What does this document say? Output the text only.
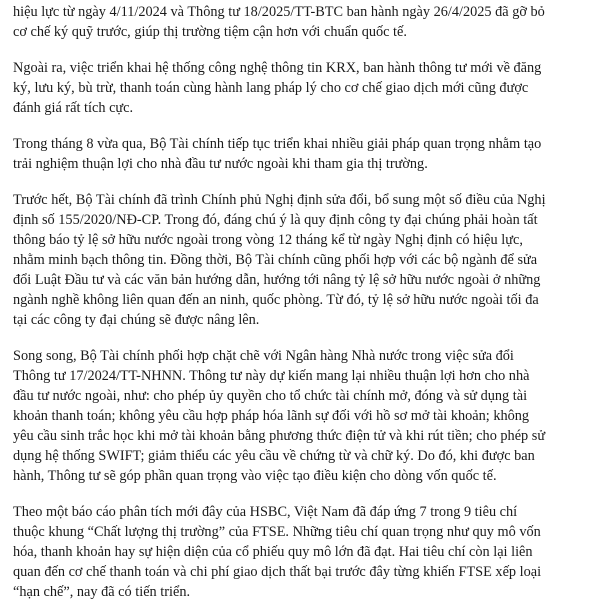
hiệu lực từ ngày 4/11/2024 và Thông tư 18/2025/TT-BTC ban hành ngày 26/4/2025 đã gỡ bỏ
cơ chế ký quỹ trước, giúp thị trường tiệm cận hơn với chuẩn quốc tế.
Ngoài ra, việc triển khai hệ thống công nghệ thông tin KRX, ban hành thông tư mới về đăng
ký, lưu ký, bù trừ, thanh toán cùng hành lang pháp lý cho cơ chế giao dịch mới cũng được
đánh giá rất tích cực.
Trong tháng 8 vừa qua, Bộ Tài chính tiếp tục triển khai nhiều giải pháp quan trọng nhằm tạo
trải nghiệm thuận lợi cho nhà đầu tư nước ngoài khi tham gia thị trường.
Trước hết, Bộ Tài chính đã trình Chính phủ Nghị định sửa đổi, bổ sung một số điều của Nghị
định số 155/2020/NĐ-CP. Trong đó, đáng chú ý là quy định công ty đại chúng phải hoàn tất
thông báo tỷ lệ sở hữu nước ngoài trong vòng 12 tháng kể từ ngày Nghị định có hiệu lực,
nhằm minh bạch thông tin. Đồng thời, Bộ Tài chính cũng phối hợp với các bộ ngành để sửa
đổi Luật Đầu tư và các văn bản hướng dẫn, hướng tới nâng tỷ lệ sở hữu nước ngoài ở những
ngành nghề không liên quan đến an ninh, quốc phòng. Từ đó, tỷ lệ sở hữu nước ngoài tối đa
tại các công ty đại chúng sẽ được nâng lên.
Song song, Bộ Tài chính phối hợp chặt chẽ với Ngân hàng Nhà nước trong việc sửa đổi
Thông tư 17/2024/TT-NHNN. Thông tư này dự kiến mang lại nhiều thuận lợi hơn cho nhà
đầu tư nước ngoài, như: cho phép ủy quyền cho tổ chức tài chính mở, đóng và sử dụng tài
khoản thanh toán; không yêu cầu hợp pháp hóa lãnh sự đối với hồ sơ mở tài khoản; không
yêu cầu sinh trắc học khi mở tài khoản bằng phương thức điện tử và khi rút tiền; cho phép sử
dụng hệ thống SWIFT; giảm thiểu các yêu cầu về chứng từ và chữ ký. Do đó, khi được ban
hành, Thông tư sẽ góp phần quan trọng vào việc tạo điều kiện cho dòng vốn quốc tế.
Theo một báo cáo phân tích mới đây của HSBC, Việt Nam đã đáp ứng 7 trong 9 tiêu chí
thuộc khung “Chất lượng thị trường” của FTSE. Những tiêu chí quan trọng như quy mô vốn
hóa, thanh khoản hay sự hiện diện của cổ phiếu quy mô lớn đã đạt. Hai tiêu chí còn lại liên
quan đến cơ chế thanh toán và chi phí giao dịch thất bại trước đây từng khiến FTSE xếp loại
“hạn chế”, nay đã có tiến triển.
